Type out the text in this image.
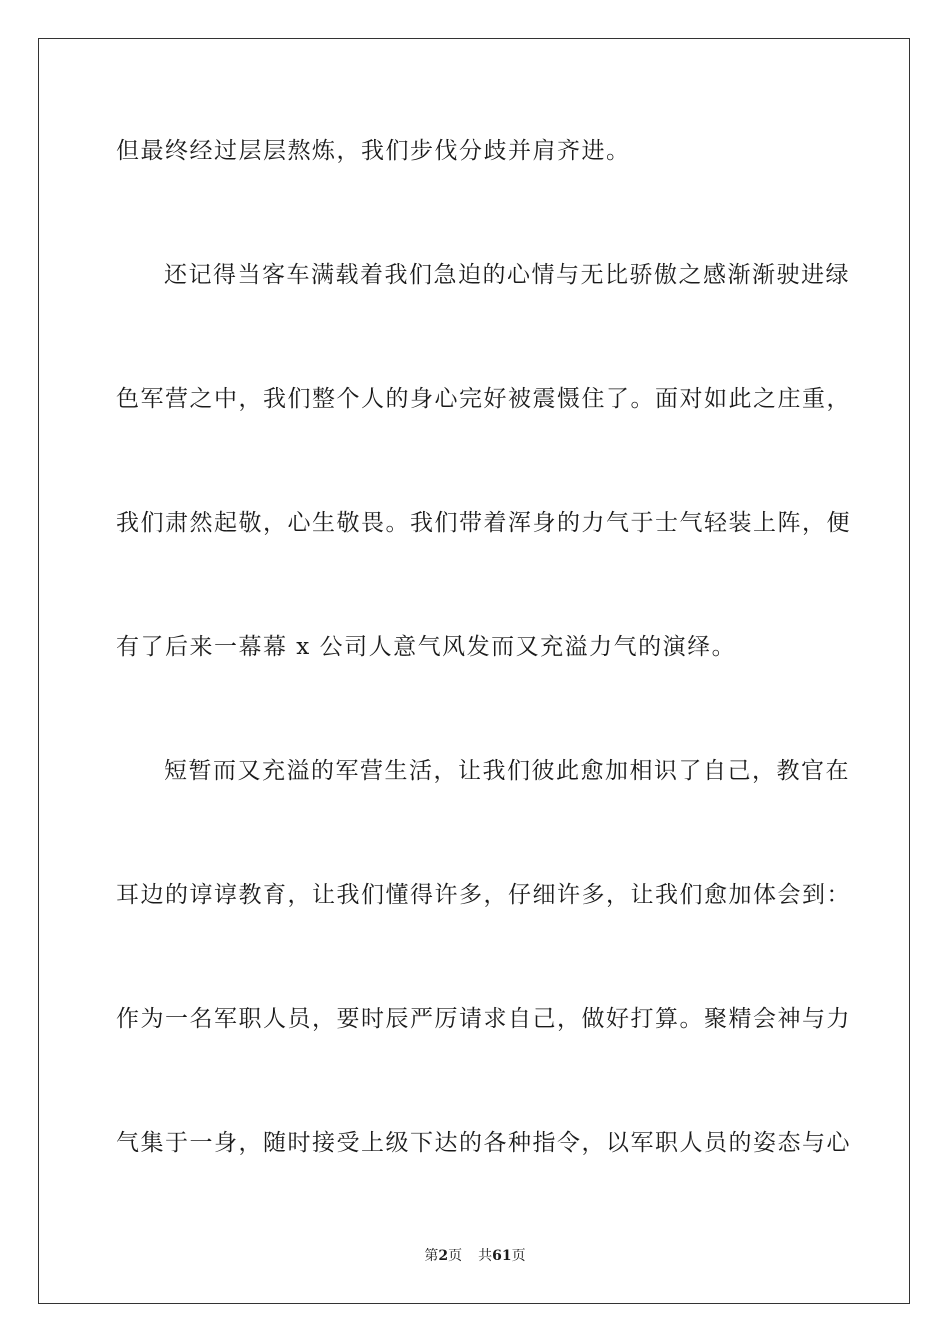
但最终经过层层熬炼，我们步伐分歧并肩齐进。
还记得当客车满载着我们急迫的心情与无比骄傲之感渐渐驶进绿
色军营之中，我们整个人的身心完好被震慑住了。面对如此之庄重，
我们肃然起敬，心生敬畏。我们带着浑身的力气于士气轻装上阵，便
有了后来一幕幕 x 公司人意气风发而又充溢力气的演绎。
短暂而又充溢的军营生活，让我们彼此愈加相识了自己，教官在
耳边的谆谆教育，让我们懂得许多，仔细许多，让我们愈加体会到：
作为一名军职人员，要时辰严厉请求自己，做好打算。聚精会神与力
气集于一身，随时接受上级下达的各种指令，以军职人员的姿态与心
第2页 共61页
